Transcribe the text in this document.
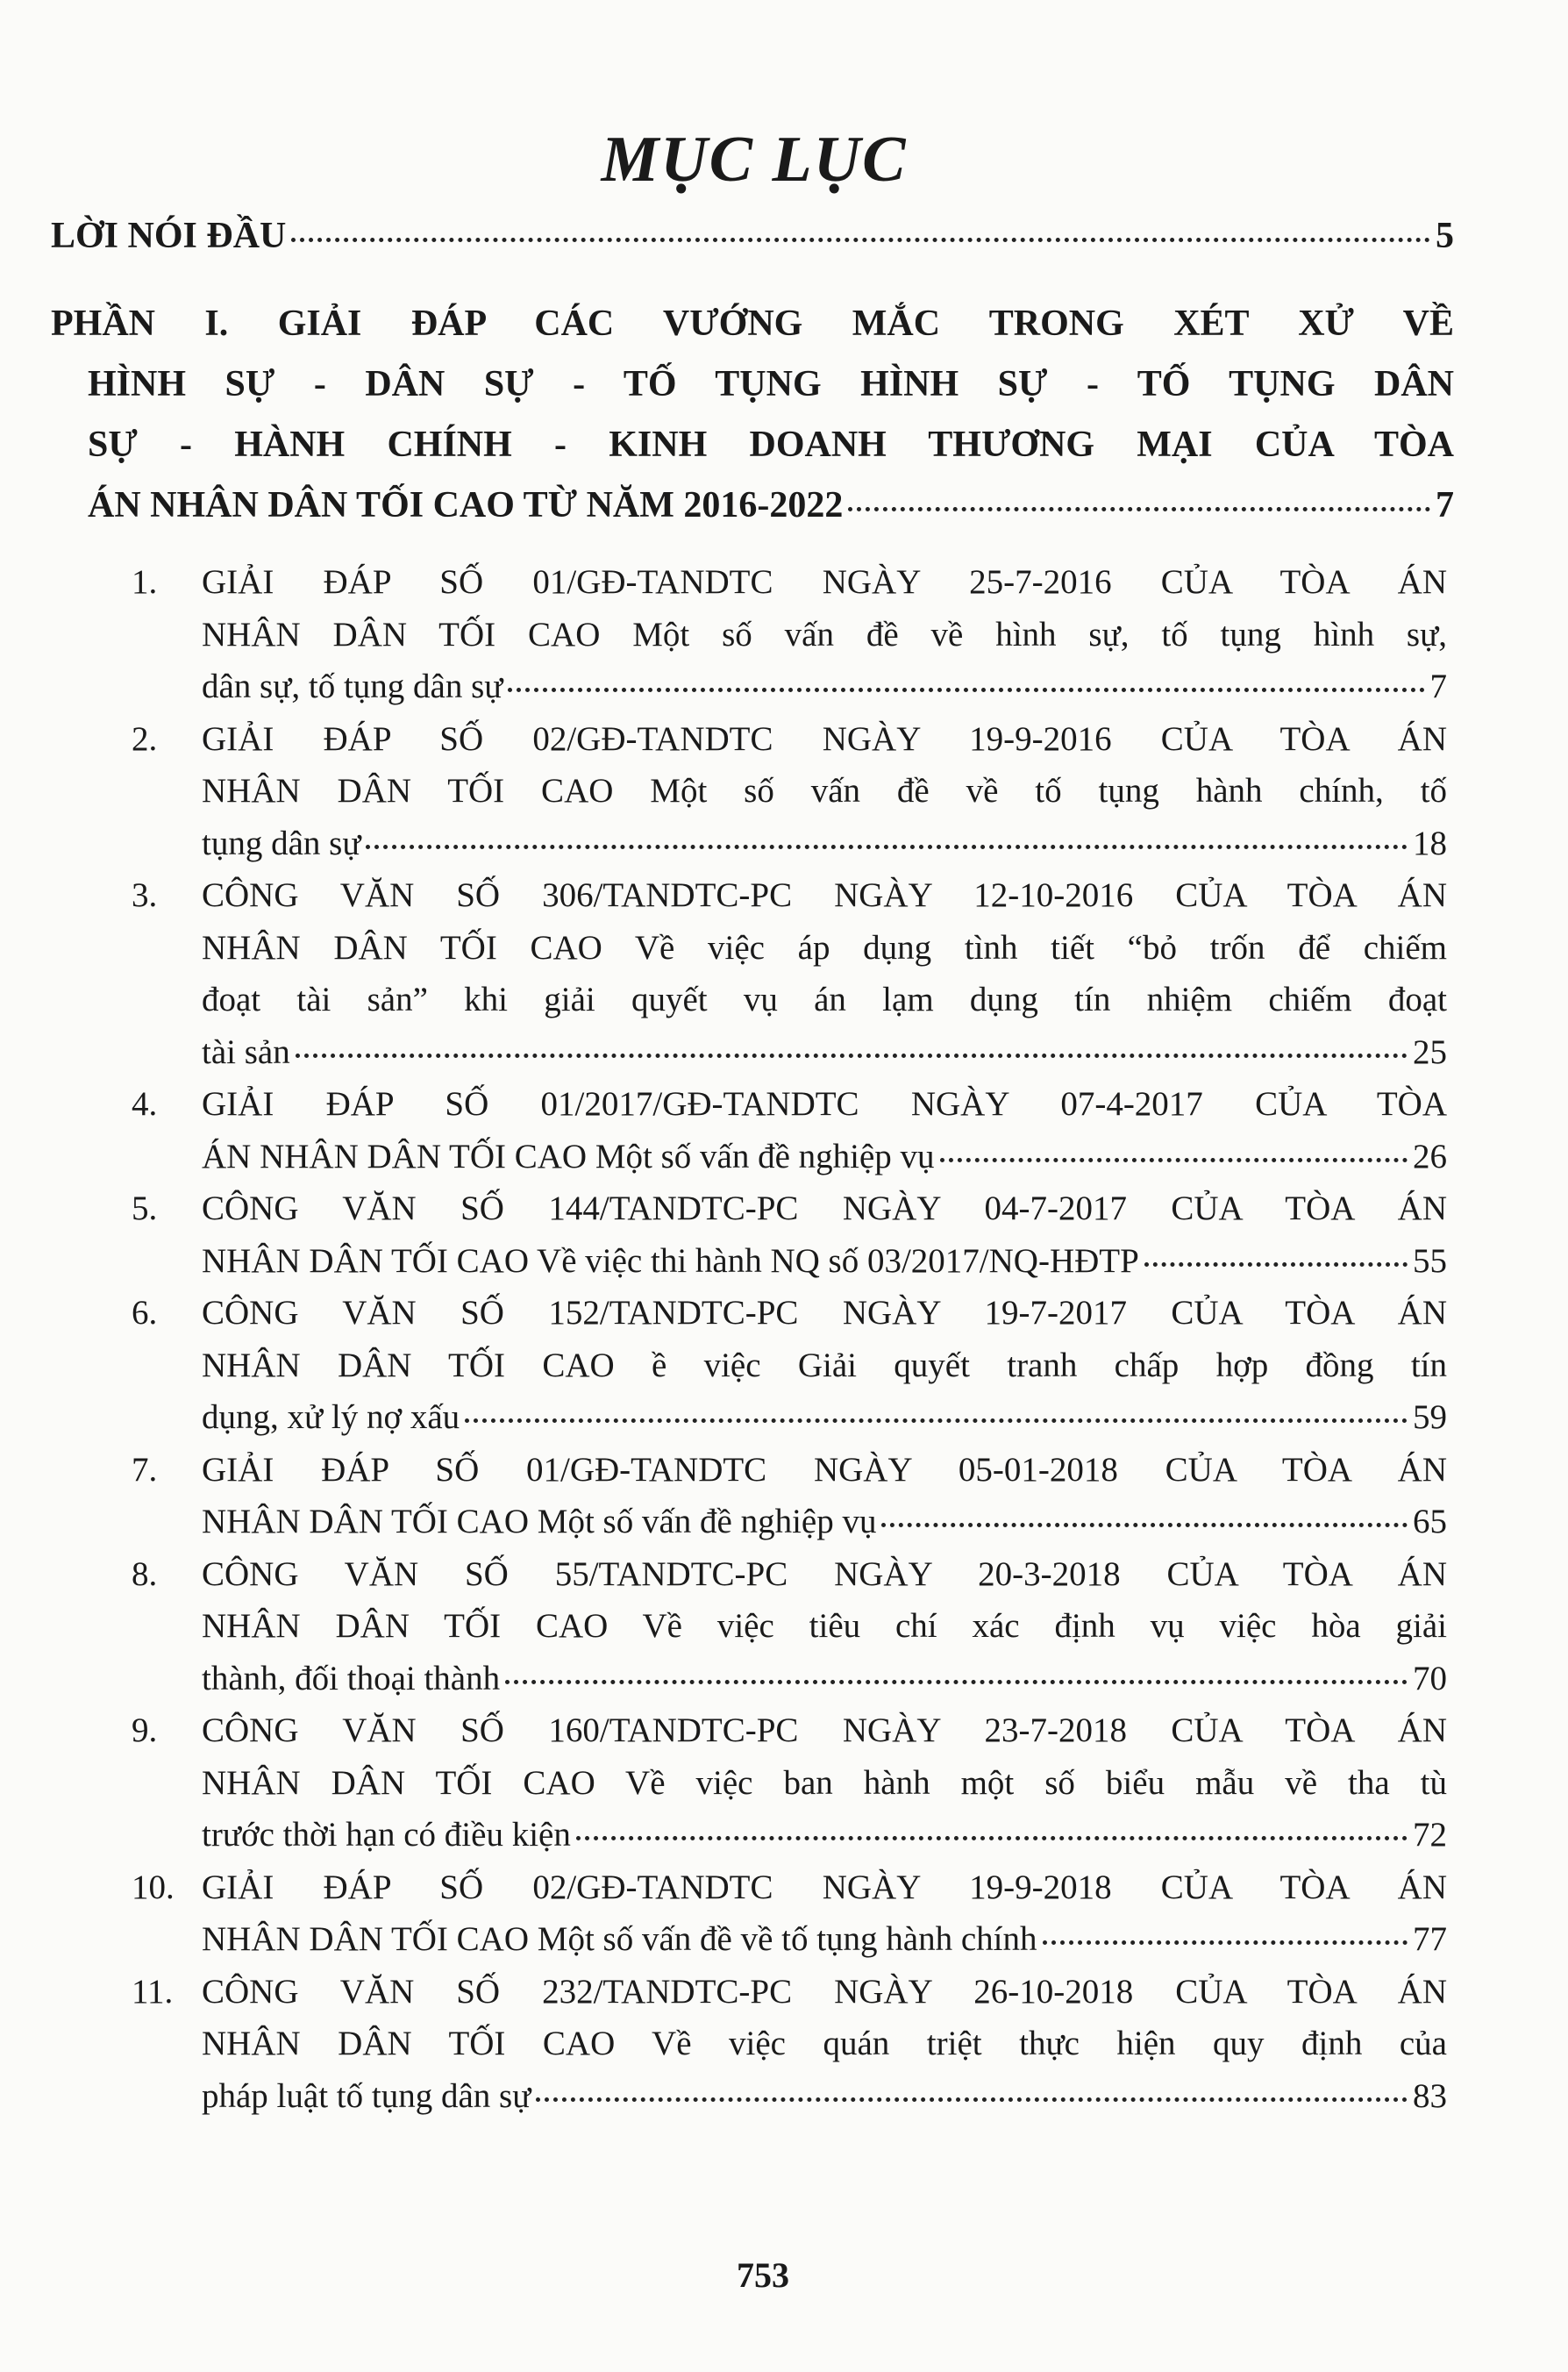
MỤC LỤC
LỜI NÓI ĐẦU	5
PHẦN I. GIẢI ĐÁP CÁC VƯỚNG MẮC TRONG XÉT XỬ VỀ
HÌNH SỰ - DÂN SỰ - TỐ TỤNG HÌNH SỰ - TỐ TỤNG DÂN
SỰ - HÀNH CHÍNH - KINH DOANH THƯƠNG MẠI CỦA TÒA
ÁN NHÂN DÂN TỐI CAO TỪ NĂM 2016-2022	7
1. GIẢI ĐÁP SỐ 01/GĐ-TANDTC NGÀY 25-7-2016 CỦA TÒA ÁN
NHÂN DÂN TỐI CAO Một số vấn đề về hình sự, tố tụng hình sự,
dân sự, tố tụng dân sự	7
2. GIẢI ĐÁP SỐ 02/GĐ-TANDTC NGÀY 19-9-2016 CỦA TÒA ÁN
NHÂN DÂN TỐI CAO Một số vấn đề về tố tụng hành chính, tố
tụng dân sự	18
3. CÔNG VĂN SỐ 306/TANDTC-PC NGÀY 12-10-2016 CỦA TÒA ÁN
NHÂN DÂN TỐI CAO Về việc áp dụng tình tiết “bỏ trốn để chiếm
đoạt tài sản” khi giải quyết vụ án lạm dụng tín nhiệm chiếm đoạt
tài sản	25
4. GIẢI ĐÁP SỐ 01/2017/GĐ-TANDTC NGÀY 07-4-2017 CỦA TÒA
ÁN NHÂN DÂN TỐI CAO Một số vấn đề nghiệp vụ	26
5. CÔNG VĂN SỐ 144/TANDTC-PC NGÀY 04-7-2017 CỦA TÒA ÁN
NHÂN DÂN TỐI CAO Về việc thi hành NQ số 03/2017/NQ-HĐTP	55
6. CÔNG VĂN SỐ 152/TANDTC-PC NGÀY 19-7-2017 CỦA TÒA ÁN
NHÂN DÂN TỐI CAO ề việc Giải quyết tranh chấp hợp đồng tín
dụng, xử lý nợ xấu	59
7. GIẢI ĐÁP SỐ 01/GĐ-TANDTC NGÀY 05-01-2018 CỦA TÒA ÁN
NHÂN DÂN TỐI CAO Một số vấn đề nghiệp vụ	65
8. CÔNG VĂN SỐ 55/TANDTC-PC NGÀY 20-3-2018 CỦA TÒA ÁN
NHÂN DÂN TỐI CAO Về việc tiêu chí xác định vụ việc hòa giải
thành, đối thoại thành	70
9. CÔNG VĂN SỐ 160/TANDTC-PC NGÀY 23-7-2018 CỦA TÒA ÁN
NHÂN DÂN TỐI CAO Về việc ban hành một số biểu mẫu về tha tù
trước thời hạn có điều kiện	72
10. GIẢI ĐÁP SỐ 02/GĐ-TANDTC NGÀY 19-9-2018 CỦA TÒA ÁN
NHÂN DÂN TỐI CAO Một số vấn đề về tố tụng hành chính	77
11. CÔNG VĂN SỐ 232/TANDTC-PC NGÀY 26-10-2018 CỦA TÒA ÁN
NHÂN DÂN TỐI CAO Về việc quán triệt thực hiện quy định của
pháp luật tố tụng dân sự	83
753
